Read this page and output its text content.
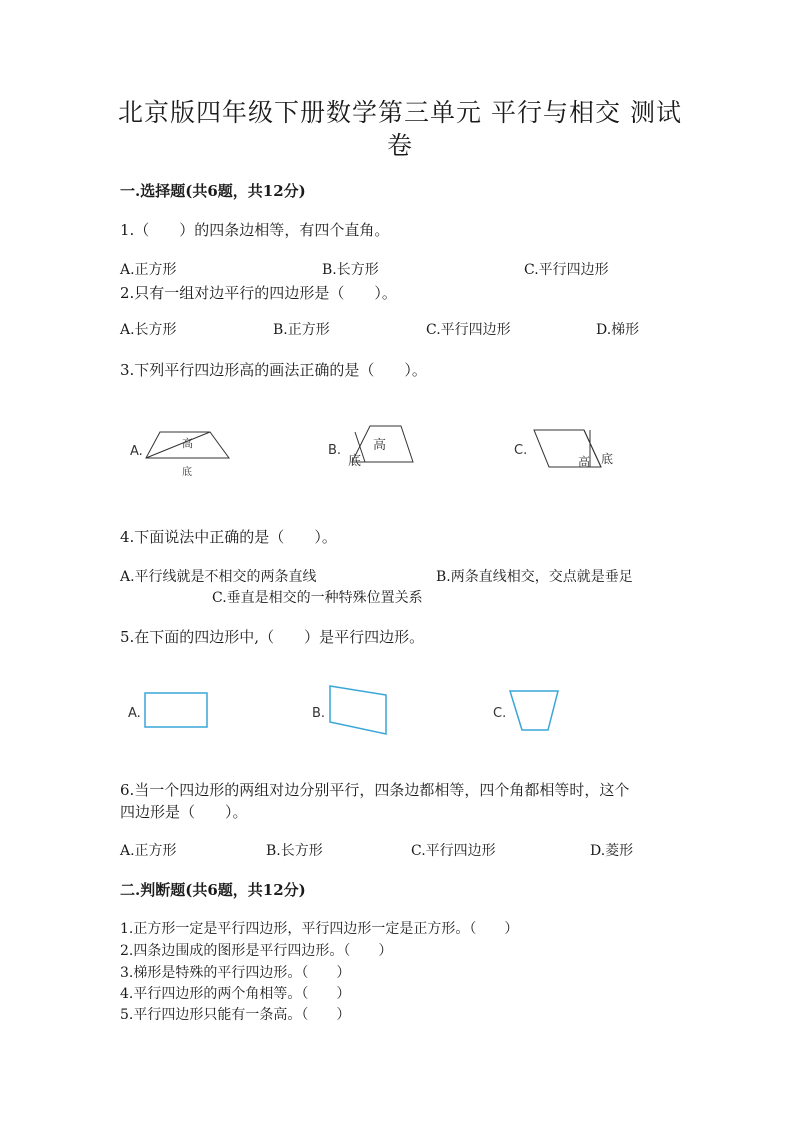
北京版四年级下册数学第三单元 平行与相交 测试
卷
一.选择题(共6题，共12分)
1.（　　）的四条边相等，有四个直角。
A.正方形	B.长方形	C.平行四边形
2.只有一组对边平行的四边形是（　　）。
A.长方形	B.正方形	C.平行四边形	D.梯形
3.下列平行四边形高的画法正确的是（　　）。
A.
高
底
B. 高
底
C.
高 底
4.下面说法中正确的是（　　）。
A.平行线就是不相交的两条直线	B.两条直线相交，交点就是垂足
C.垂直是相交的一种特殊位置关系
5.在下面的四边形中,（　　）是平行四边形。
A.	B.	C.
6.当一个四边形的两组对边分别平行，四条边都相等，四个角都相等时，这个
四边形是（　　）。
A.正方形	B.长方形	C.平行四边形	D.菱形
二.判断题(共6题，共12分)
1.正方形一定是平行四边形，平行四边形一定是正方形。（　　）
2.四条边围成的图形是平行四边形。（　　）
3.梯形是特殊的平行四边形。（　　）
4.平行四边形的两个角相等。（　　）
5.平行四边形只能有一条高。（　　）
